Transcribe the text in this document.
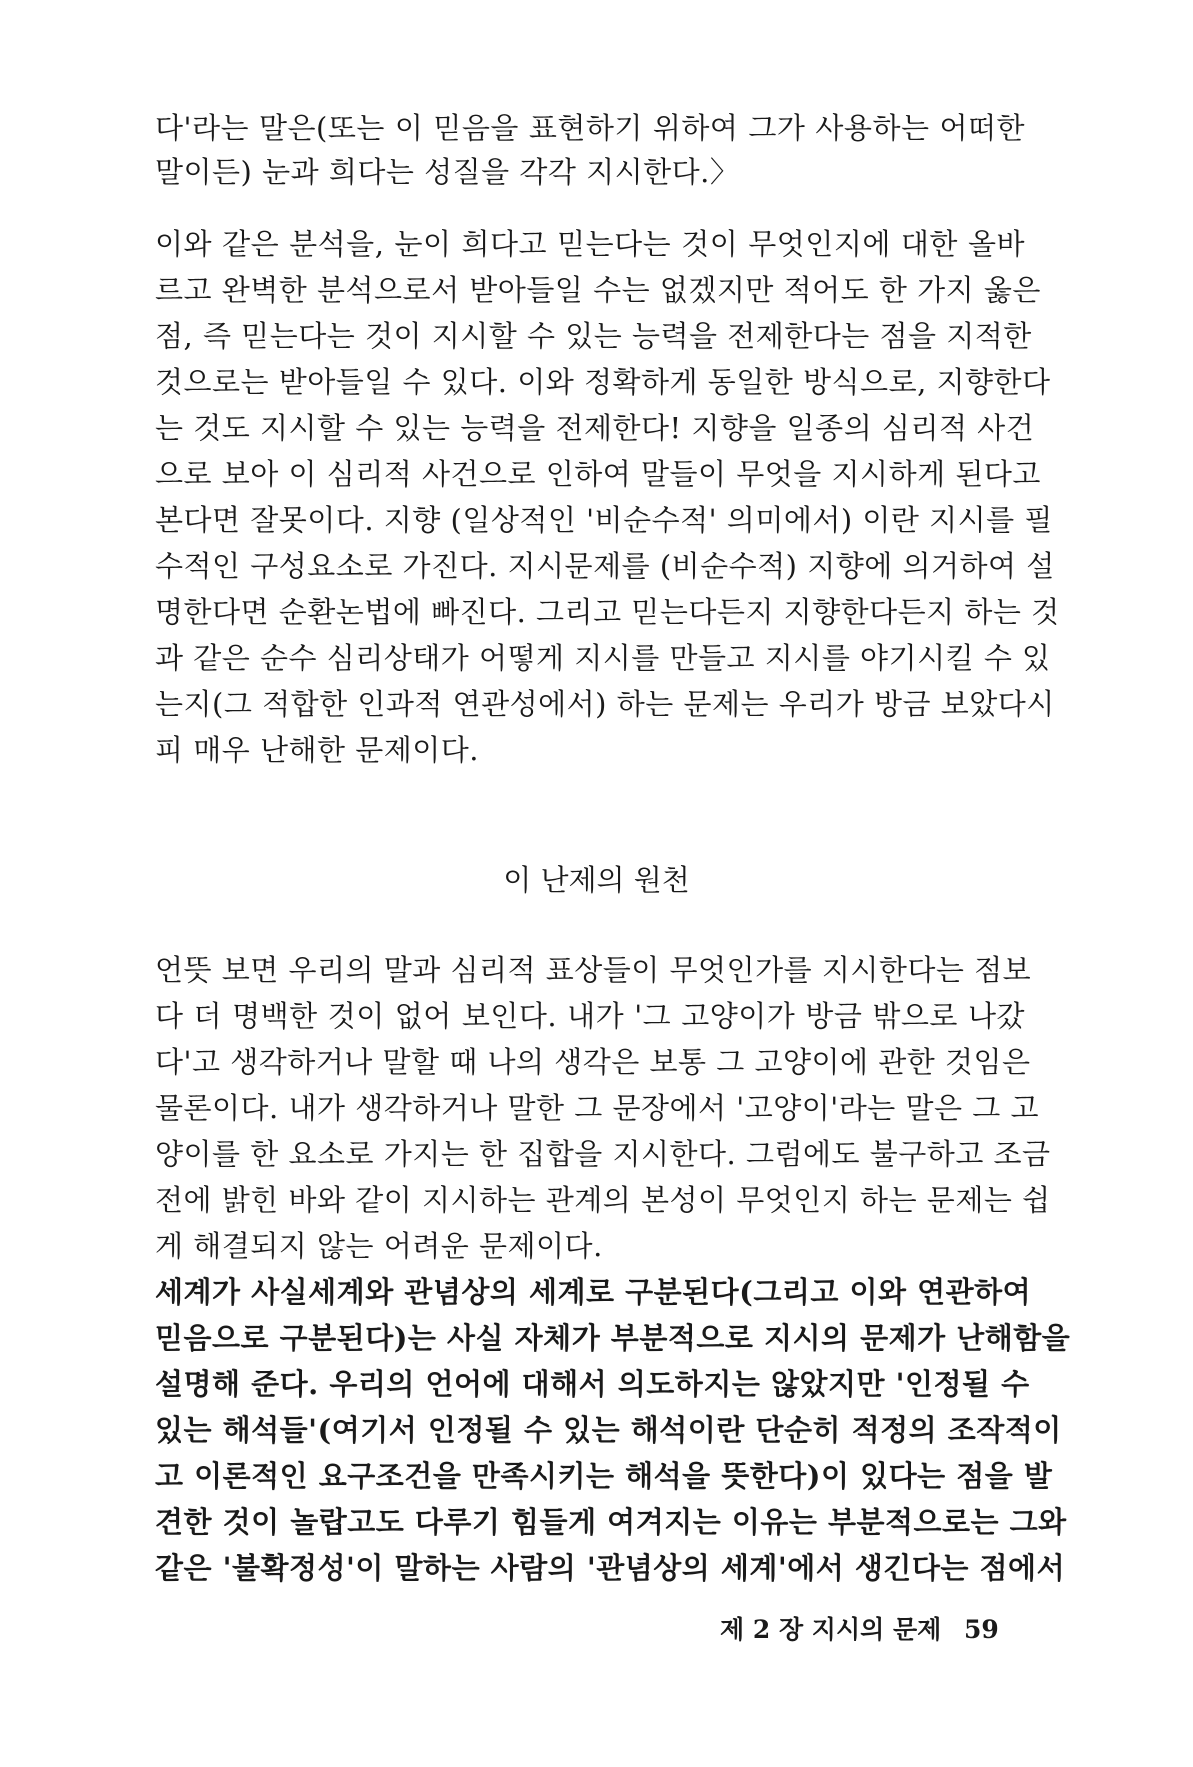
다'라는 말은(또는 이 믿음을 표현하기 위하여 그가 사용하는 어떠한
말이든) 눈과 희다는 성질을 각각 지시한다.〉
이와 같은 분석을, 눈이 희다고 믿는다는 것이 무엇인지에 대한 올바
르고 완벽한 분석으로서 받아들일 수는 없겠지만 적어도 한 가지 옳은
점, 즉 믿는다는 것이 지시할 수 있는 능력을 전제한다는 점을 지적한
것으로는 받아들일 수 있다. 이와 정확하게 동일한 방식으로, 지향한다
는 것도 지시할 수 있는 능력을 전제한다! 지향을 일종의 심리적 사건
으로 보아 이 심리적 사건으로 인하여 말들이 무엇을 지시하게 된다고
본다면 잘못이다. 지향 (일상적인 '비순수적' 의미에서) 이란 지시를 필
수적인 구성요소로 가진다. 지시문제를 (비순수적) 지향에 의거하여 설
명한다면 순환논법에 빠진다. 그리고 믿는다든지 지향한다든지 하는 것
과 같은 순수 심리상태가 어떻게 지시를 만들고 지시를 야기시킬 수 있
는지(그 적합한 인과적 연관성에서) 하는 문제는 우리가 방금 보았다시
피 매우 난해한 문제이다.
이 난제의 원천
언뜻 보면 우리의 말과 심리적 표상들이 무엇인가를 지시한다는 점보
다 더 명백한 것이 없어 보인다. 내가 '그 고양이가 방금 밖으로 나갔
다'고 생각하거나 말할 때 나의 생각은 보통 그 고양이에 관한 것임은
물론이다. 내가 생각하거나 말한 그 문장에서 '고양이'라는 말은 그 고
양이를 한 요소로 가지는 한 집합을 지시한다. 그럼에도 불구하고 조금
전에 밝힌 바와 같이 지시하는 관계의 본성이 무엇인지 하는 문제는 쉽
게 해결되지 않는 어려운 문제이다.
세계가 사실세계와 관념상의 세계로 구분된다(그리고 이와 연관하여
믿음으로 구분된다)는 사실 자체가 부분적으로 지시의 문제가 난해함을
설명해 준다. 우리의 언어에 대해서 의도하지는 않았지만 '인정될 수
있는 해석들'(여기서 인정될 수 있는 해석이란 단순히 적정의 조작적이
고 이론적인 요구조건을 만족시키는 해석을 뜻한다)이 있다는 점을 발
견한 것이 놀랍고도 다루기 힘들게 여겨지는 이유는 부분적으로는 그와
같은 '불확정성'이 말하는 사람의 '관념상의 세계'에서 생긴다는 점에서
제 2 장 지시의 문제 59
